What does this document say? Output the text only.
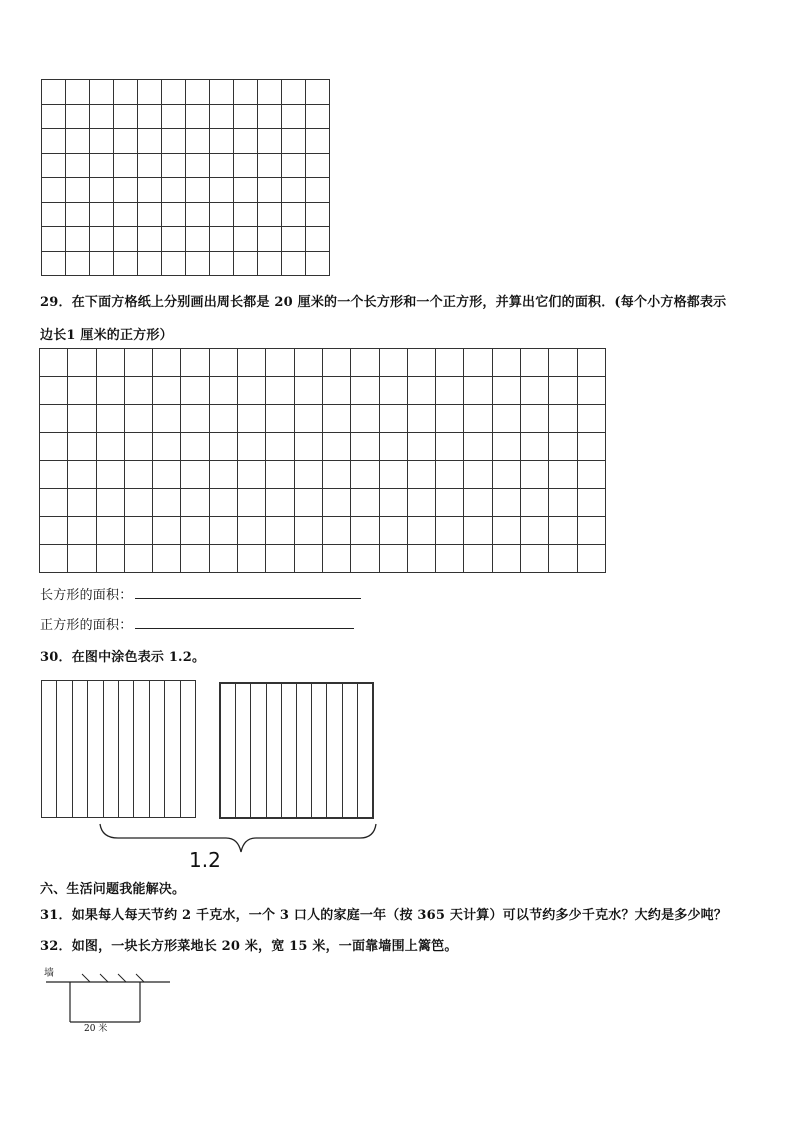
29．在下面方格纸上分别画出周长都是 20 厘米的一个长方形和一个正方形，并算出它们的面积．(每个小方格都表示
边长1 厘米的正方形）
长方形的面积：
正方形的面积：
30．在图中涂色表示 1.2。
1.2
六、生活问题我能解决。
31．如果每人每天节约 2 千克水，一个 3 口人的家庭一年（按 365 天计算）可以节约多少千克水？大约是多少吨？
32．如图，一块长方形菜地长 20 米，宽 15 米，一面靠墙围上篱笆。
墙
20 米
